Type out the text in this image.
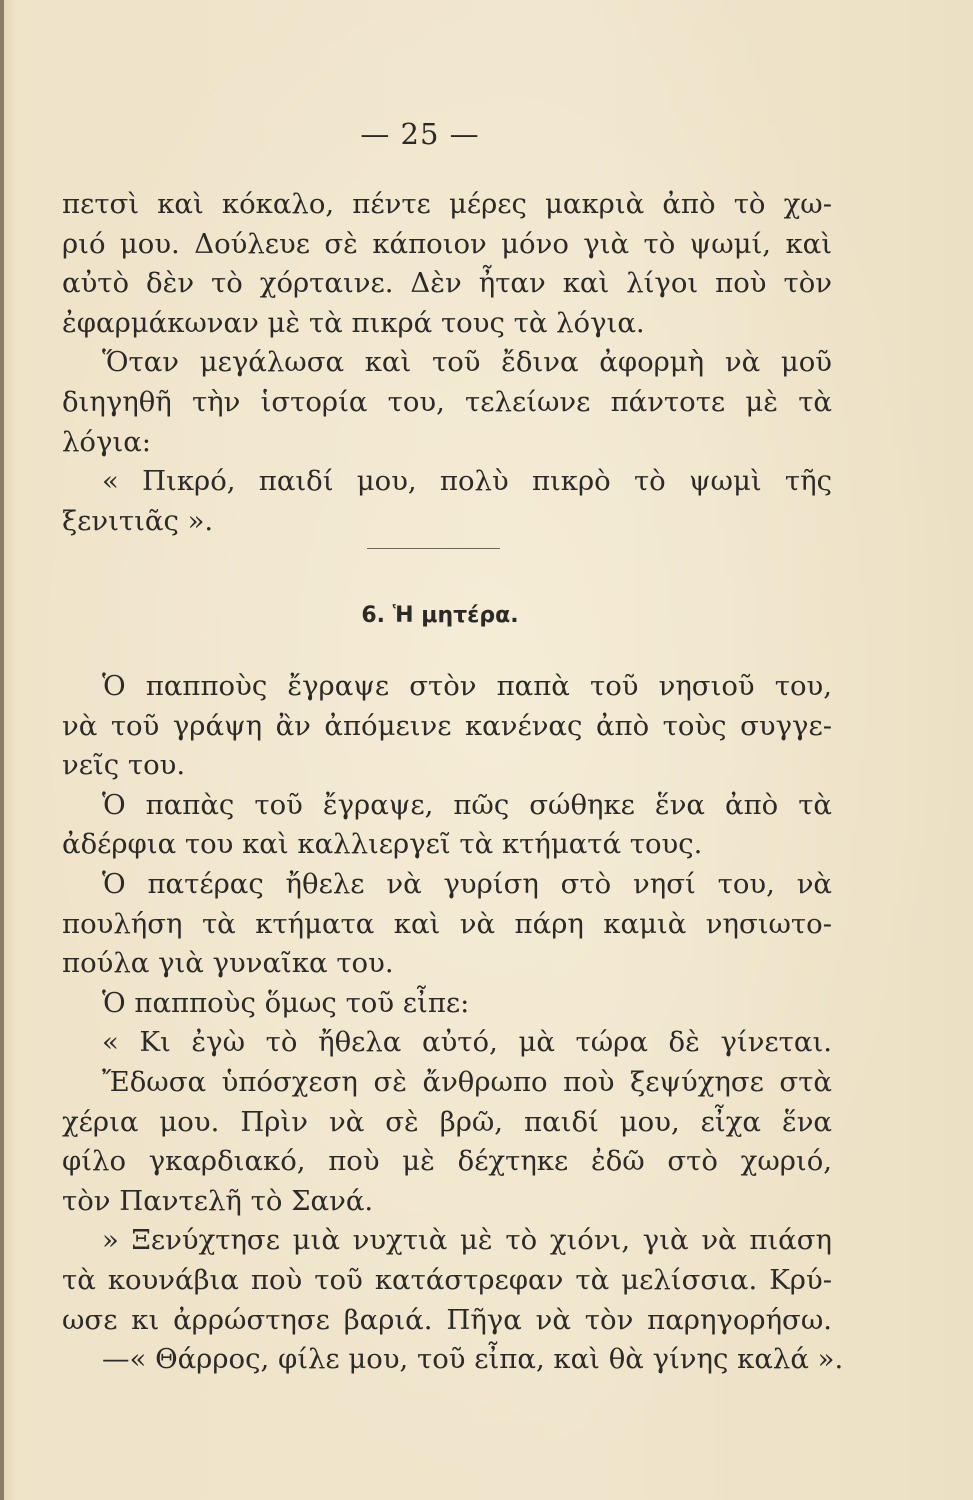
— 25 —
πετσὶ καὶ κόκαλο, πέντε μέρες μακριὰ ἀπὸ τὸ χω-
ριό μου. Δούλευε σὲ κάποιον μόνο γιὰ τὸ ψωμί, καὶ
αὐτὸ δὲν τὸ χόρταινε. Δὲν ἦταν καὶ λίγοι ποὺ τὸν
ἐφαρμάκωναν μὲ τὰ πικρά τους τὰ λόγια.
Ὅταν μεγάλωσα καὶ τοῦ ἔδινα ἀφορμὴ νὰ μοῦ
διηγηθῆ τὴν ἱστορία του, τελείωνε πάντοτε μὲ τὰ
λόγια:
« Πικρό, παιδί μου, πολὺ πικρὸ τὸ ψωμὶ τῆς
ξενιτιᾶς ».
6. Ἡ μητέρα.
Ὁ παπποὺς ἔγραψε στὸν παπὰ τοῦ νησιοῦ του,
νὰ τοῦ γράψη ἂν ἀπόμεινε κανένας ἀπὸ τοὺς συγγε-
νεῖς του.
Ὁ παπὰς τοῦ ἔγραψε, πῶς σώθηκε ἕνα ἀπὸ τὰ
ἀδέρφια του καὶ καλλιεργεῖ τὰ κτήματά τους.
Ὁ πατέρας ἤθελε νὰ γυρίση στὸ νησί του, νὰ
πουλήση τὰ κτήματα καὶ νὰ πάρη καμιὰ νησιωτο-
πούλα γιὰ γυναῖκα του.
Ὁ παπποὺς ὅμως τοῦ εἶπε:
« Κι ἐγὼ τὸ ἤθελα αὐτό, μὰ τώρα δὲ γίνεται.
Ἔδωσα ὑπόσχεση σὲ ἄνθρωπο ποὺ ξεψύχησε στὰ
χέρια μου. Πρὶν νὰ σὲ βρῶ, παιδί μου, εἶχα ἕνα
φίλο γκαρδιακό, ποὺ μὲ δέχτηκε ἐδῶ στὸ χωριό,
τὸν Παντελῆ τὸ Σανά.
» Ξενύχτησε μιὰ νυχτιὰ μὲ τὸ χιόνι, γιὰ νὰ πιάση
τὰ κουνάβια ποὺ τοῦ κατάστρεφαν τὰ μελίσσια. Κρύ-
ωσε κι ἀρρώστησε βαριά. Πῆγα νὰ τὸν παρηγορήσω.
—« Θάρρος, φίλε μου, τοῦ εἶπα, καὶ θὰ γίνης καλά ».
